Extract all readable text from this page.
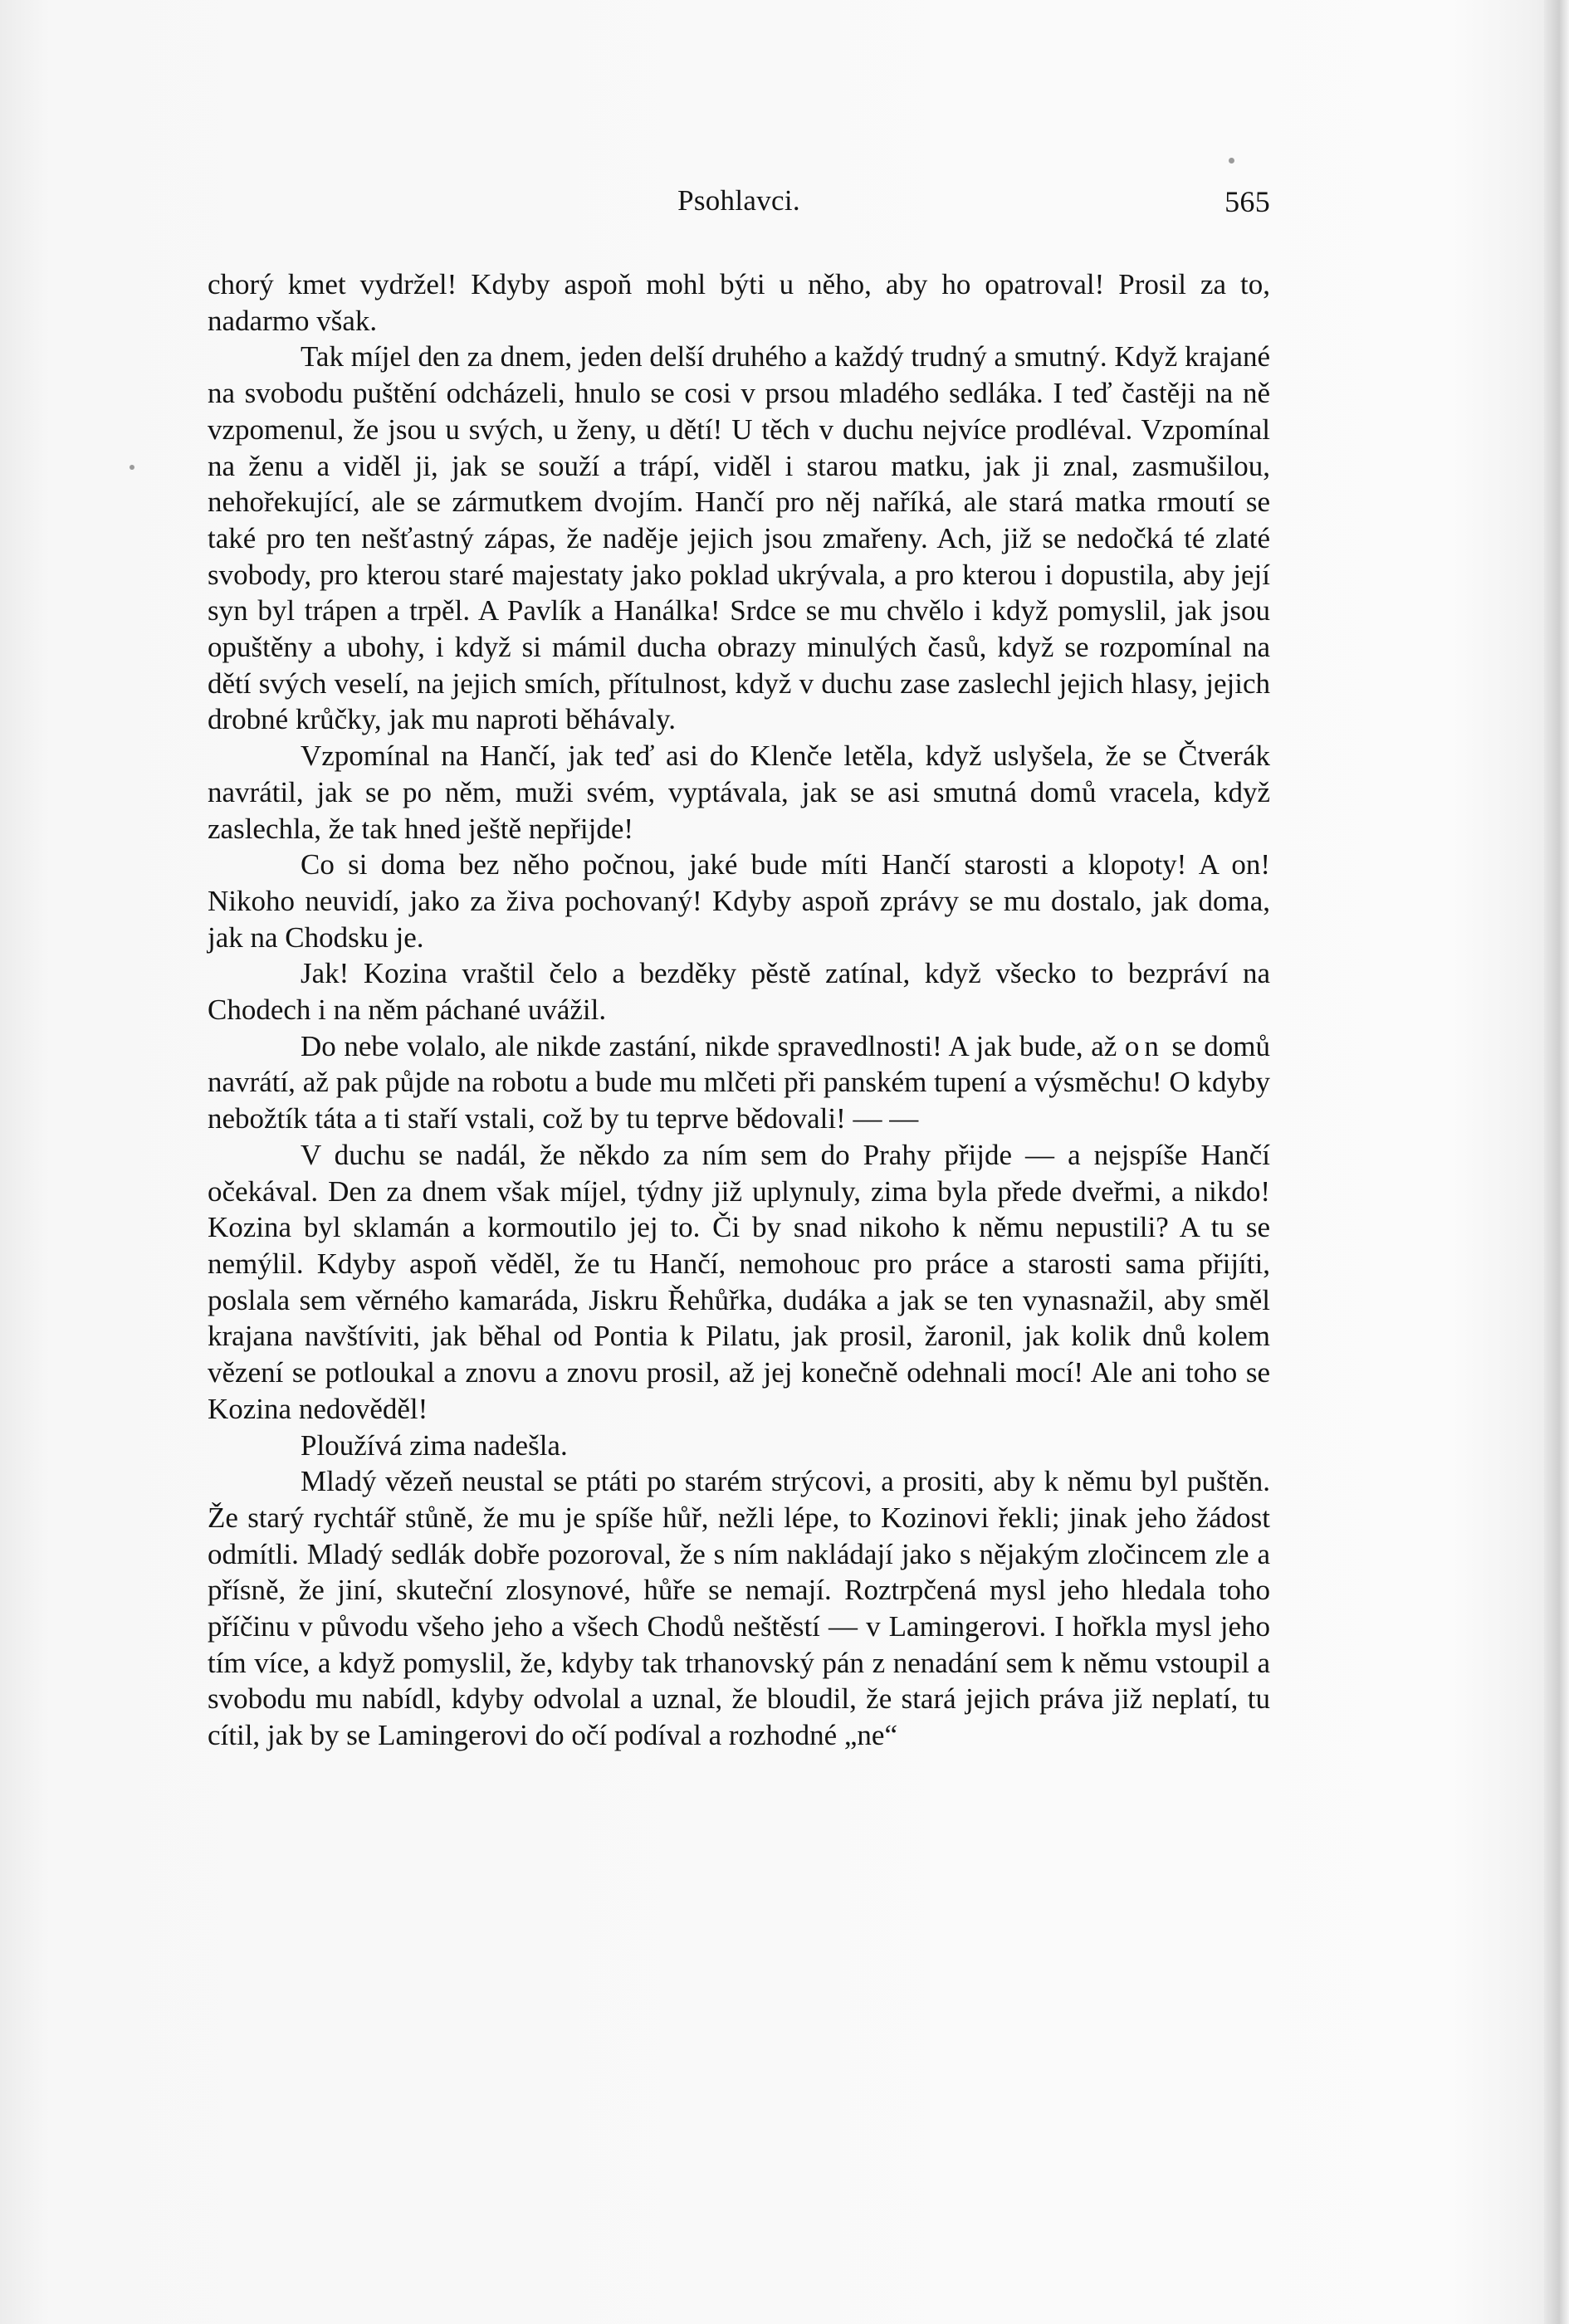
Psohlavci.	565

chorý kmet vydržel! Kdyby aspoň mohl býti u něho, aby ho opatroval! Prosil za to, nadarmo však.

Tak míjel den za dnem, jeden delší druhého a každý trudný a smutný. Když krajané na svobodu puštění odcházeli, hnulo se cosi v prsou mladého sedláka. I teď častěji na ně vzpomenul, že jsou u svých, u ženy, u dětí! U těch v duchu nejvíce prodléval. Vzpomínal na ženu a viděl ji, jak se souží a trápí, viděl i starou matku, jak ji znal, zasmušilou, nehořekující, ale se zármutkem dvojím. Hančí pro něj naříká, ale stará matka rmoutí se také pro ten nešťastný zápas, že naděje jejich jsou zmařeny. Ach, již se nedočká té zlaté svobody, pro kterou staré majestaty jako poklad ukrývala, a pro kterou i dopustila, aby její syn byl trápen a trpěl. A Pavlík a Hanálka! Srdce se mu chvělo i když pomyslil, jak jsou opuštěny a ubohy, i když si mámil ducha obrazy minulých časů, když se rozpomínal na dětí svých veselí, na jejich smích, přítulnost, když v duchu zase zaslechl jejich hlasy, jejich drobné krůčky, jak mu naproti běhávaly.

Vzpomínal na Hančí, jak teď asi do Klenče letěla, když uslyšela, že se Čtverák navrátil, jak se po něm, muži svém, vyptávala, jak se asi smutná domů vracela, když zaslechla, že tak hned ještě nepřijde!

Co si doma bez něho počnou, jaké bude míti Hančí starosti a klopoty! A on! Nikoho neuvidí, jako za živa pochovaný! Kdyby aspoň zprávy se mu dostalo, jak doma, jak na Chodsku je.

Jak! Kozina vraštil čelo a bezděky pěstě zatínal, když všecko to bezpráví na Chodech i na něm páchané uvážil.

Do nebe volalo, ale nikde zastání, nikde spravedlnosti! A jak bude, až on se domů navrátí, až pak půjde na robotu a bude mu mlčeti při panském tupení a výsměchu! O kdyby nebožtík táta a ti staří vstali, což by tu teprve bědovali! — —

V duchu se nadál, že někdo za ním sem do Prahy přijde — a nejspíše Hančí očekával. Den za dnem však míjel, týdny již uplynuly, zima byla přede dveřmi, a nikdo! Kozina byl sklamán a kormoutilo jej to. Či by snad nikoho k němu nepustili? A tu se nemýlil. Kdyby aspoň věděl, že tu Hančí, nemohouc pro práce a starosti sama přijíti, poslala sem věrného kamaráda, Jiskru Řehůřka, dudáka a jak se ten vynasnažil, aby směl krajana navštíviti, jak běhal od Pontia k Pilatu, jak prosil, žaronil, jak kolik dnů kolem vězení se potloukal a znovu a znovu prosil, až jej konečně odehnali mocí! Ale ani toho se Kozina nedověděl!

Ploužívá zima nadešla.

Mladý vězeň neustal se ptáti po starém strýcovi, a prositi, aby k němu byl puštěn. Že starý rychtář stůně, že mu je spíše hůř, nežli lépe, to Kozinovi řekli; jinak jeho žádost odmítli. Mladý sedlák dobře pozoroval, že s ním nakládají jako s nějakým zločincem zle a přísně, že jiní, skuteční zlosynové, hůře se nemají. Roztrpčená mysl jeho hledala toho příčinu v původu všeho jeho a všech Chodů neštěstí — v Lamingerovi. I hořkla mysl jeho tím více, a když pomyslil, že, kdyby tak trhanovský pán z nenadání sem k němu vstoupil a svobodu mu nabídl, kdyby odvolal a uznal, že bloudil, že stará jejich práva již neplatí, tu cítil, jak by se Lamingerovi do očí podíval a rozhodné „ne“
